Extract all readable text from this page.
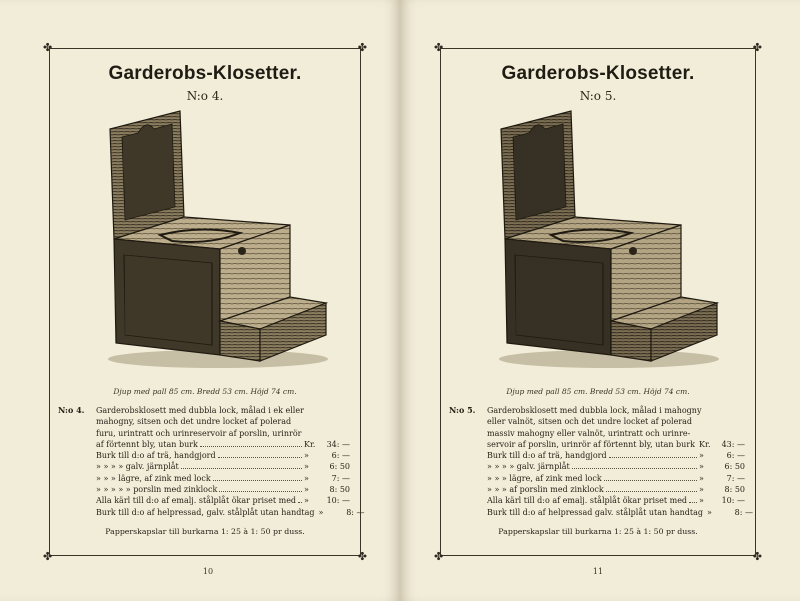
✤	✤
✤	✤
Garderobs-Klosetter.
N:o 4.
Djup med pall 85 cm. Bredd 53 cm. Höjd 74 cm.
N:o 4.	Garderobsklosett med dubbla lock, målad i ek eller
mahogny, sitsen och det undre locket af polerad
furu, urintratt och urinreservoir af porslin, urinrör
af förtennt bly, utan burk	Kr.	34: —
Burk till d:o af trä, handgjord	»	6: —
» » » » galv. järnplåt	»	6: 50
» » » lägre, af zink med lock	»	7: —
» » » » » porslin med zinklock	»	8: 50
Alla kärl till d:o af emalj. stålplåt ökar priset med »	10: —
Burk till d:o af helpressad, galv. stålplåt utan handtag »	8: —
Papperskapslar till burkarna 1: 25 à 1: 50 pr duss.
10
✤	✤
✤	✤
Garderobs-Klosetter.
N:o 5.
Djup med pall 85 cm. Bredd 53 cm. Höjd 74 cm.
N:o 5.	Garderobsklosett med dubbla lock, målad i mahogny
eller valnöt, sitsen och det undre locket af polerad
massiv mahogny eller valnöt, urintratt och urinre-
servoir af porslin, urinrör af förtennt bly, utan burk Kr.	43: —
Burk till d:o af trä, handgjord	»	6: —
» » » » galv. järnplåt	»	6: 50
» » » lägre, af zink med lock	»	7: —
» » » af porslin med zinklock	»	8: 50
Alla kärl till d:o af emalj. stålplåt ökar priset med »	10: —
Burk till d:o af helpressad galv. stålplåt utan handtag »	8: —
Papperskapslar till burkarna 1: 25 à 1: 50 pr duss.
11
